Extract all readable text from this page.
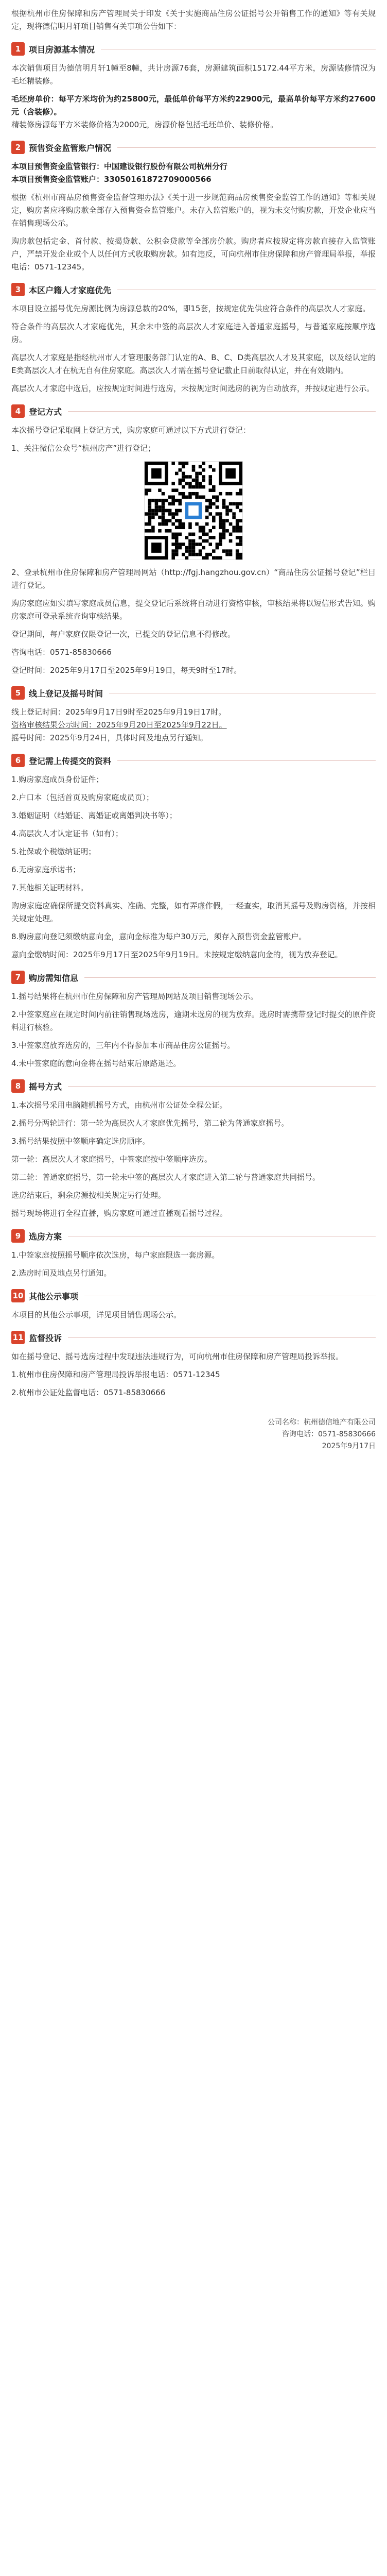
根据杭州市住房保障和房产管理局关于印发《关于实施商品住房公证摇号公开销售工作的通知》等有关规定，现将德信明月轩项目销售有关事项公告如下：

1 项目房源基本情况

本次销售项目为德信明月轩1幢至8幢，共计房源76套，房源建筑面积15172.44平方米，房源装修情况为毛坯精装修。

毛坯房单价：每平方米均价为约25800元，最低单价每平方米约22900元，最高单价每平方米约27600元（含装修）。

精装修房源每平方米装修价格为2000元，房源价格包括毛坯单价、装修价格。

2 预售资金监管账户情况

本项目预售资金监管银行：中国建设银行股份有限公司杭州分行

本项目预售资金监管账户：33050161872709000566

根据《杭州市商品房预售资金监督管理办法》《关于进一步规范商品房预售资金监管工作的通知》等相关规定，购房者应将购房款全部存入预售资金监管账户。未存入监管账户的，视为未交付购房款，开发企业应当在销售现场公示。

购房款包括定金、首付款、按揭贷款、公积金贷款等全部房价款。购房者应按规定将房款直接存入监管账户，严禁开发企业或个人以任何方式收取购房款。如有违反，可向杭州市住房保障和房产管理局举报，举报电话：0571-12345。

3 本区户籍人才家庭优先

本项目设立摇号优先房源比例为房源总数的20%，即15套，按规定优先供应符合条件的高层次人才家庭。

符合条件的高层次人才家庭优先，其余未中签的高层次人才家庭进入普通家庭摇号，与普通家庭按顺序选房。

高层次人才家庭是指经杭州市人才管理服务部门认定的A、B、C、D类高层次人才及其家庭，以及经认定的E类高层次人才在杭无自有住房家庭。高层次人才需在摇号登记截止日前取得认定，并在有效期内。

高层次人才家庭中选后，应按规定时间进行选房，未按规定时间选房的视为自动放弃，并按规定进行公示。

4 登记方式

本次摇号登记采取网上登记方式，购房家庭可通过以下方式进行登记：

1、关注微信公众号“杭州房产”进行登记；

2、登录杭州市住房保障和房产管理局网站（http://fgj.hangzhou.gov.cn）“商品住房公证摇号登记”栏目进行登记。

购房家庭应如实填写家庭成员信息，提交登记后系统将自动进行资格审核，审核结果将以短信形式告知。购房家庭可登录系统查询审核结果。

登记期间，每户家庭仅限登记一次，已提交的登记信息不得修改。

咨询电话：0571-85830666

登记时间：2025年9月17日至2025年9月19日，每天9时至17时。

5 线上登记及摇号时间

线上登记时间：2025年9月17日9时至2025年9月19日17时。

资格审核结果公示时间：2025年9月20日至2025年9月22日。

摇号时间：2025年9月24日，具体时间及地点另行通知。

6 登记需上传提交的资料

1.购房家庭成员身份证件；

2.户口本（包括首页及购房家庭成员页）；

3.婚姻证明（结婚证、离婚证或离婚判决书等）；

4.高层次人才认定证书（如有）；

5.社保或个税缴纳证明；

6.无房家庭承诺书；

7.其他相关证明材料。

购房家庭应确保所提交资料真实、准确、完整，如有弄虚作假，一经查实，取消其摇号及购房资格，并按相关规定处理。

8.购房意向登记须缴纳意向金，意向金标准为每户30万元，须存入预售资金监管账户。

意向金缴纳时间：2025年9月17日至2025年9月19日。未按规定缴纳意向金的，视为放弃登记。

7 购房需知信息

1.摇号结果将在杭州市住房保障和房产管理局网站及项目销售现场公示。

2.中签家庭应在规定时间内前往销售现场选房，逾期未选房的视为放弃。选房时需携带登记时提交的原件资料进行核验。

3.中签家庭放弃选房的，三年内不得参加本市商品住房公证摇号。

4.未中签家庭的意向金将在摇号结束后原路退还。

8 摇号方式

1.本次摇号采用电脑随机摇号方式，由杭州市公证处全程公证。

2.摇号分两轮进行：第一轮为高层次人才家庭优先摇号，第二轮为普通家庭摇号。

3.摇号结果按照中签顺序确定选房顺序。

第一轮：高层次人才家庭摇号，中签家庭按中签顺序选房。

第二轮：普通家庭摇号，第一轮未中签的高层次人才家庭进入第二轮与普通家庭共同摇号。

选房结束后，剩余房源按相关规定另行处理。

摇号现场将进行全程直播，购房家庭可通过直播观看摇号过程。

9 选房方案

1.中签家庭按照摇号顺序依次选房，每户家庭限选一套房源。

2.选房时间及地点另行通知。

10 其他公示事项

本项目的其他公示事项，详见项目销售现场公示。

11 监督投诉

如在摇号登记、摇号选房过程中发现违法违规行为，可向杭州市住房保障和房产管理局投诉举报。

1.杭州市住房保障和房产管理局投诉举报电话：0571-12345

2.杭州市公证处监督电话：0571-85830666

公司名称：杭州德信地产有限公司
咨询电话：0571-85830666
2025年9月17日
